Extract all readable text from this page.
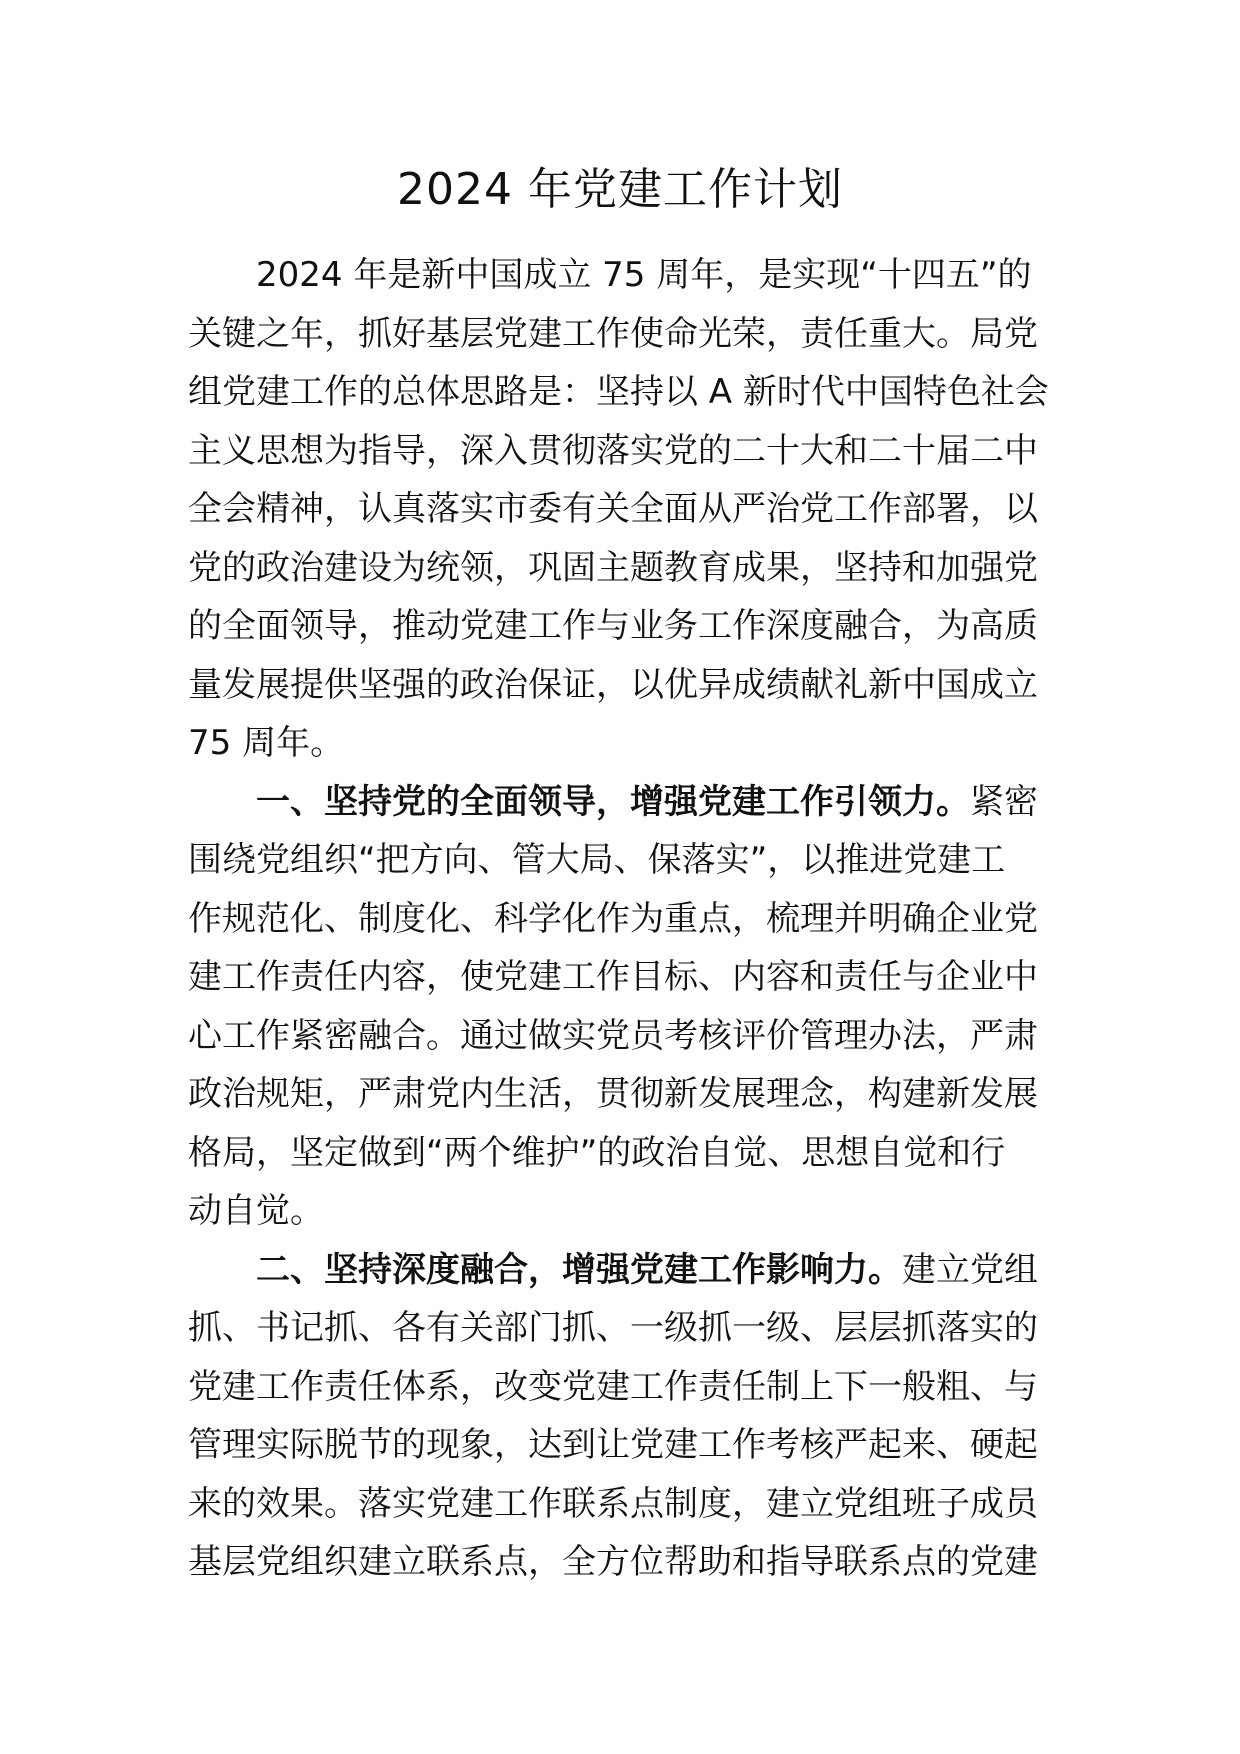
2024 年党建工作计划
2024 年是新中国成立 75 周年，是实现“十四五”的
关键之年，抓好基层党建工作使命光荣，责任重大。局党
组党建工作的总体思路是：坚持以 A 新时代中国特色社会
主义思想为指导，深入贯彻落实党的二十大和二十届二中
全会精神，认真落实市委有关全面从严治党工作部署，以
党的政治建设为统领，巩固主题教育成果，坚持和加强党
的全面领导，推动党建工作与业务工作深度融合，为高质
量发展提供坚强的政治保证，以优异成绩献礼新中国成立
75 周年。
一、坚持党的全面领导，增强党建工作引领力。紧密
围绕党组织“把方向、管大局、保落实”，以推进党建工
作规范化、制度化、科学化作为重点，梳理并明确企业党
建工作责任内容，使党建工作目标、内容和责任与企业中
心工作紧密融合。通过做实党员考核评价管理办法，严肃
政治规矩，严肃党内生活，贯彻新发展理念，构建新发展
格局，坚定做到“两个维护”的政治自觉、思想自觉和行
动自觉。
二、坚持深度融合，增强党建工作影响力。建立党组
抓、书记抓、各有关部门抓、一级抓一级、层层抓落实的
党建工作责任体系，改变党建工作责任制上下一般粗、与
管理实际脱节的现象，达到让党建工作考核严起来、硬起
来的效果。落实党建工作联系点制度，建立党组班子成员
基层党组织建立联系点，全方位帮助和指导联系点的党建
